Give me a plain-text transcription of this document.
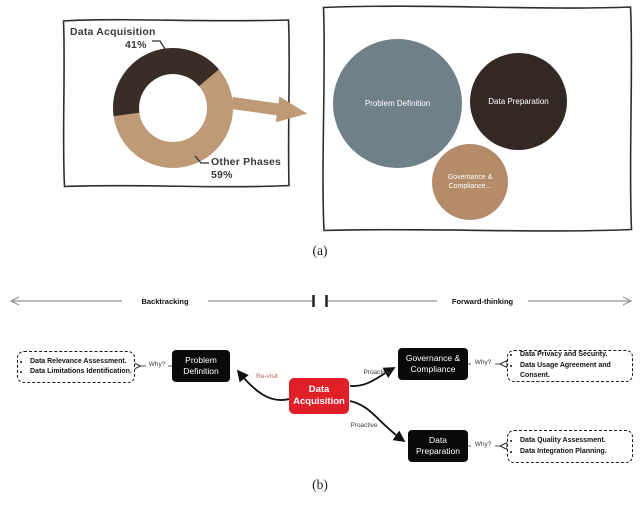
Data Acquisition
41%
Other Phases
59%
Problem Definition	Data Preparation
Governance & Compliance...
(a)
Backtracking	Forward-thinking
• Data Relevance Assessment.
• Data Limitations Identification.
Why?	Problem
Definition
Re-visit
Data
Acquisition
Proactive
Proactive
Governance &
Compliance
Why?
• Data Privacy and Security.
• Data Usage Agreement and Consent.
Data
Preparation
Why?
• Data Quality Assessment.
• Data Integration Planning.
(b)
